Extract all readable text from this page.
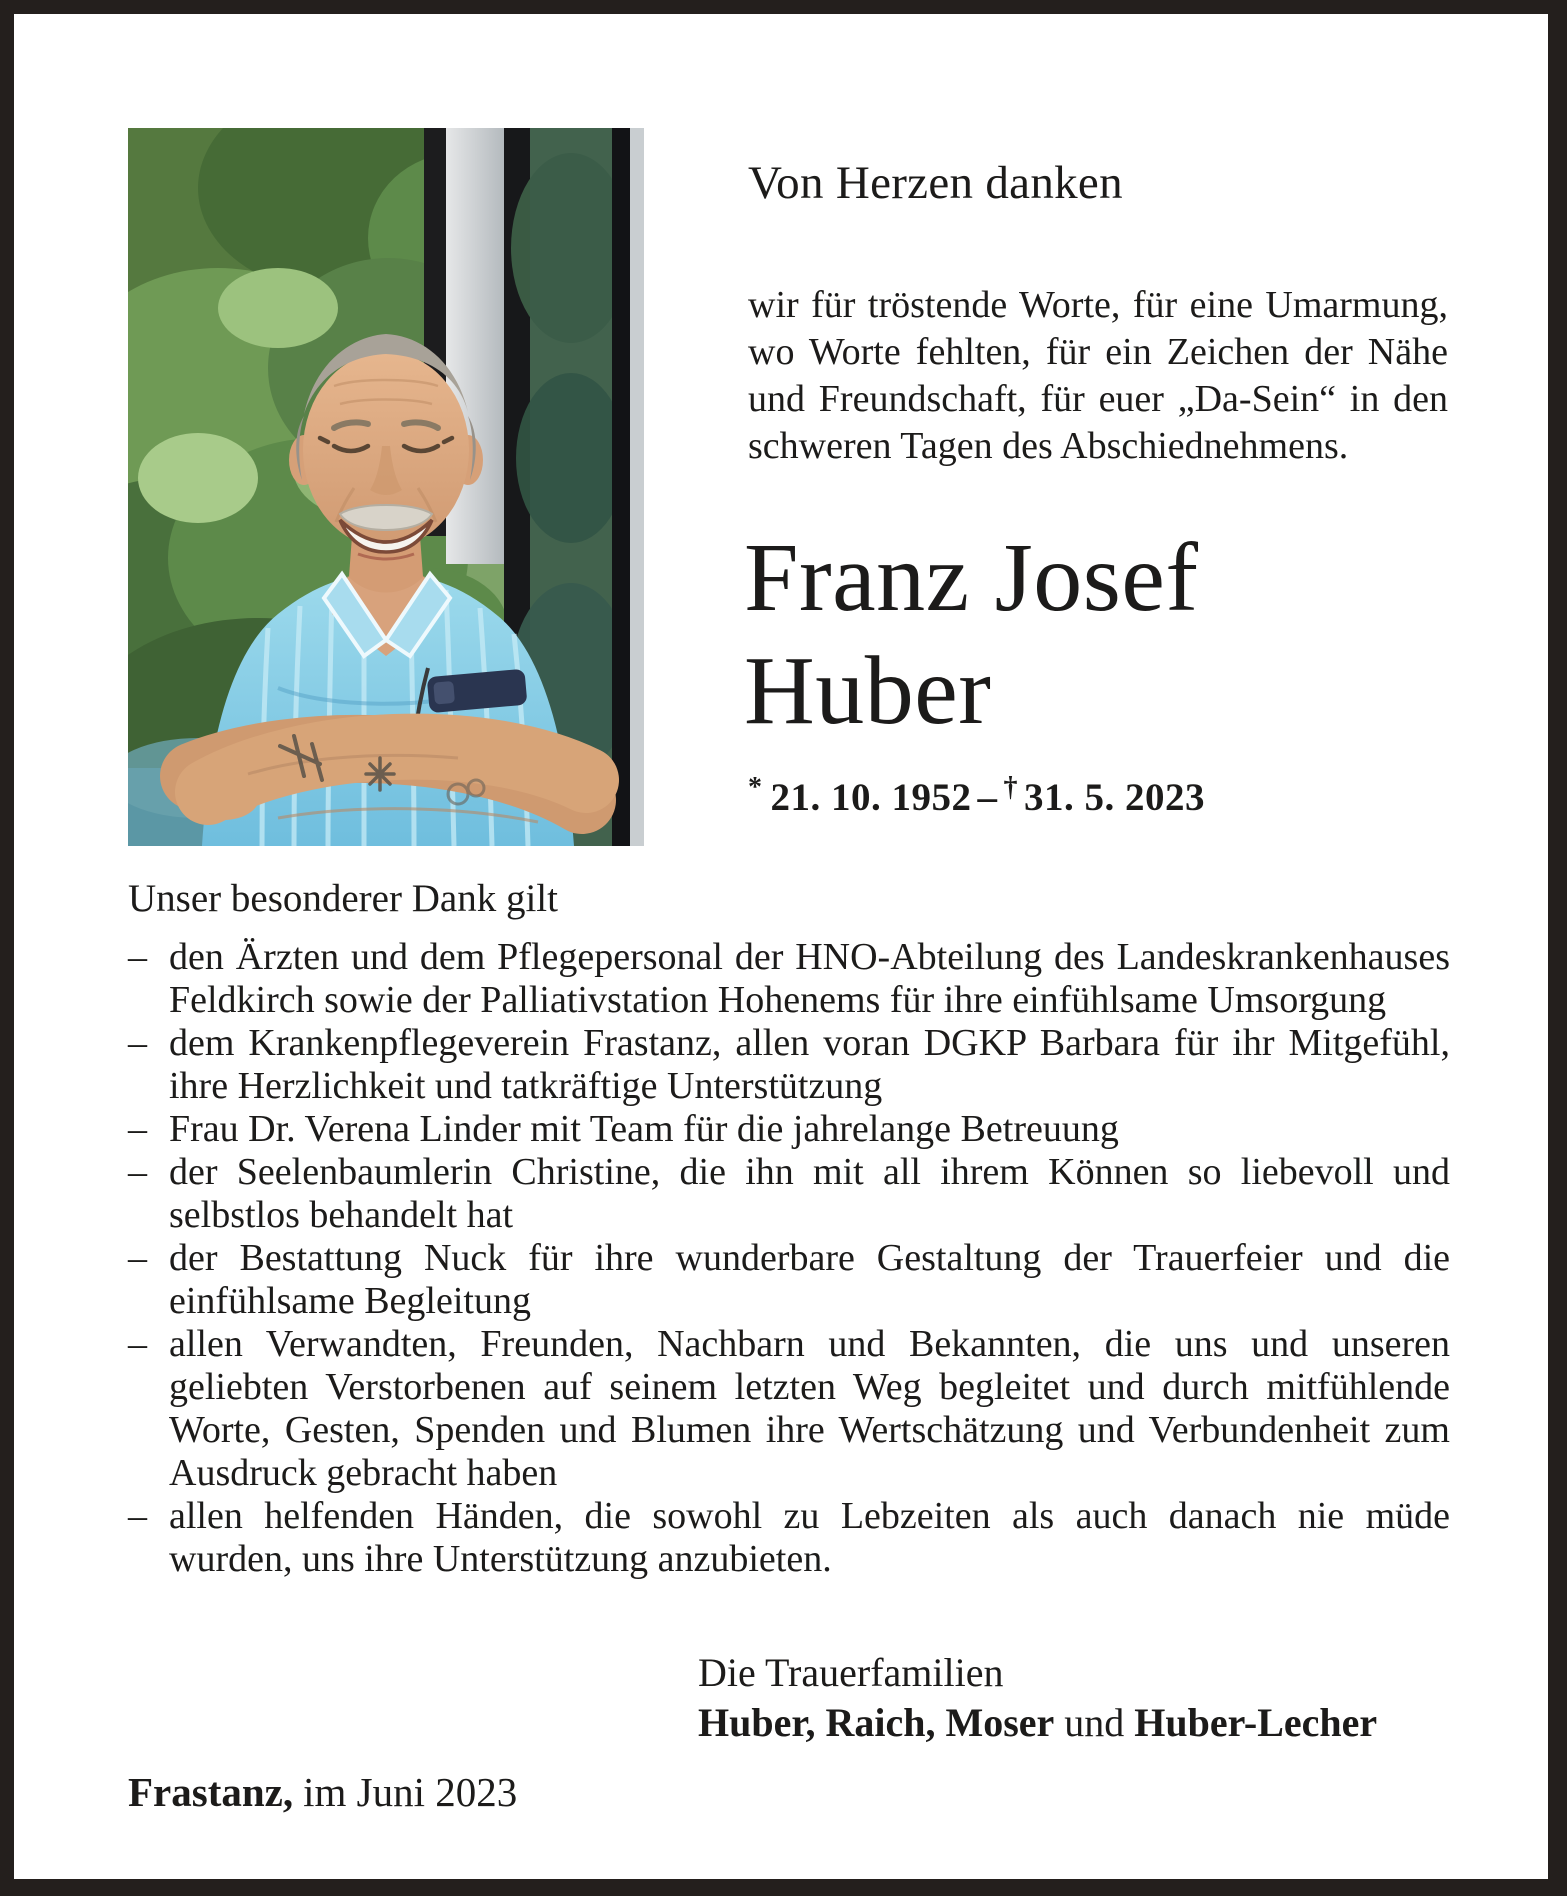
Von Herzen danken
wir für tröstende Worte, für eine Umarmung, wo Worte fehlten, für ein Zeichen der Nähe und Freundschaft, für euer „Da-Sein“ in den schweren Tagen des Abschiednehmens.
Franz Josef
Huber
* 21. 10. 1952 – † 31. 5. 2023

Unser besonderer Dank gilt

– den Ärzten und dem Pflegepersonal der HNO-Abteilung des Landeskrankenhauses Feldkirch sowie der Palliativstation Hohenems für ihre einfühlsame Umsorgung
– dem Krankenpflegeverein Frastanz, allen voran DGKP Barbara für ihr Mitgefühl, ihre Herzlichkeit und tatkräftige Unterstützung
– Frau Dr. Verena Linder mit Team für die jahrelange Betreuung
– der Seelenbaumlerin Christine, die ihn mit all ihrem Können so liebevoll und selbstlos behandelt hat
– der Bestattung Nuck für ihre wunderbare Gestaltung der Trauerfeier und die einfühlsame Begleitung
– allen Verwandten, Freunden, Nachbarn und Bekannten, die uns und unseren geliebten Verstorbenen auf seinem letzten Weg begleitet und durch mitfühlende Worte, Gesten, Spenden und Blumen ihre Wertschätzung und Verbundenheit zum Ausdruck gebracht haben
– allen helfenden Händen, die sowohl zu Lebzeiten als auch danach nie müde wurden, uns ihre Unterstützung anzubieten.
Die Trauerfamilien
Huber, Raich, Moser und Huber-Lecher
Frastanz, im Juni 2023
